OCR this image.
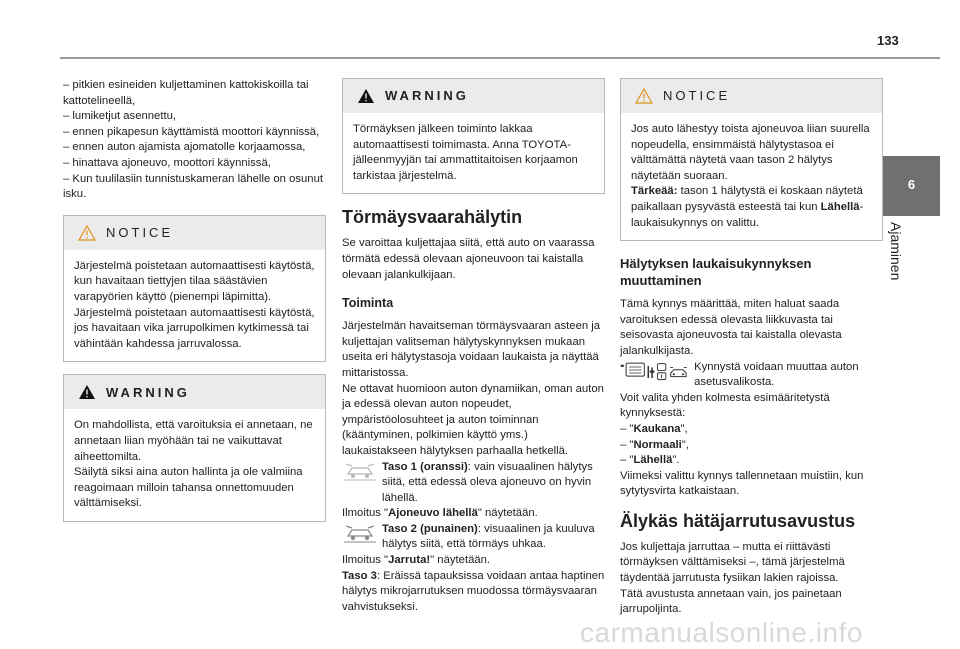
133
6
Ajaminen

– pitkien esineiden kuljettaminen kattokiskoilla tai kattotelineellä,

– lumiketjut asennettu,

– ennen pikapesun käyttämistä moottori käynnissä,

– ennen auton ajamista ajomatolle korjaamossa,

– hinattava ajoneuvo, moottori käynnissä,

– Kun tuulilasiin tunnistuskameran lähelle on osunut isku.

NOTICE

Järjestelmä poistetaan automaattisesti käytöstä, kun havaitaan tiettyjen tilaa säästävien varapyörien käyttö (pienempi läpimitta).

Järjestelmä poistetaan automaattisesti käytöstä, jos havaitaan vika jarrupolkimen kytkimessä tai vähintään kahdessa jarruvalossa.

WARNING

On mahdollista, että varoituksia ei annetaan, ne annetaan liian myöhään tai ne vaikuttavat aiheettomilta.

Säilytä siksi aina auton hallinta ja ole valmiina reagoimaan milloin tahansa onnettomuuden välttämiseksi.

WARNING

Törmäyksen jälkeen toiminto lakkaa automaattisesti toimimasta. Anna TOYOTA-jälleenmyyjän tai ammattitaitoisen korjaamon tarkistaa järjestelmä.

Törmäysvaarahälytin

Se varoittaa kuljettajaa siitä, että auto on vaarassa törmätä edessä olevaan ajoneuvoon tai kaistalla olevaan jalankulkijaan.

Toiminta

Järjestelmän havaitseman törmäysvaaran asteen ja kuljettajan valitseman hälytyskynnyksen mukaan useita eri hälytystasoja voidaan laukaista ja näyttää mittaristossa.

Ne ottavat huomioon auton dynamiikan, oman auton ja edessä olevan auton nopeudet, ympäristöolosuhteet ja auton toiminnan (kääntyminen, polkimien käyttö yms.) laukaistakseen hälytyksen parhaalla hetkellä.

Taso 1 (oranssi): vain visuaalinen hälytys siitä, että edessä oleva ajoneuvo on hyvin lähellä.

Ilmoitus "Ajoneuvo lähellä" näytetään.

Taso 2 (punainen): visuaalinen ja kuuluva hälytys siitä, että törmäys uhkaa.

Ilmoitus "Jarruta!" näytetään.

Taso 3: Eräissä tapauksissa voidaan antaa haptinen hälytys mikrojarrutuksen muodossa törmäysvaaran vahvistukseksi.

NOTICE

Jos auto lähestyy toista ajoneuvoa liian suurella nopeudella, ensimmäistä hälytystasoa ei välttämättä näytetä vaan tason 2 hälytys näytetään suoraan.

Tärkeää: tason 1 hälytystä ei koskaan näytetä paikallaan pysyvästä esteestä tai kun Lähellä-laukaisukynnys on valittu.

Hälytyksen laukaisukynnyksen muuttaminen

Tämä kynnys määrittää, miten haluat saada varoituksen edessä olevasta liikkuvasta tai seisovasta ajoneuvosta tai kaistalla olevasta jalankulkijasta.

Kynnystä voidaan muuttaa auton asetusvalikosta.

Voit valita yhden kolmesta esimääritetystä kynnyksestä:

– "Kaukana",

– "Normaali",

– "Lähellä".

Viimeksi valittu kynnys tallennetaan muistiin, kun sytytysvirta katkaistaan.

Älykäs hätäjarrutusavustus

Jos kuljettaja jarruttaa – mutta ei riittävästi törmäyksen välttämiseksi –, tämä järjestelmä täydentää jarrutusta fysiikan lakien rajoissa.

Tätä avustusta annetaan vain, jos painetaan jarrupoljinta.

carmanualsonline.info
